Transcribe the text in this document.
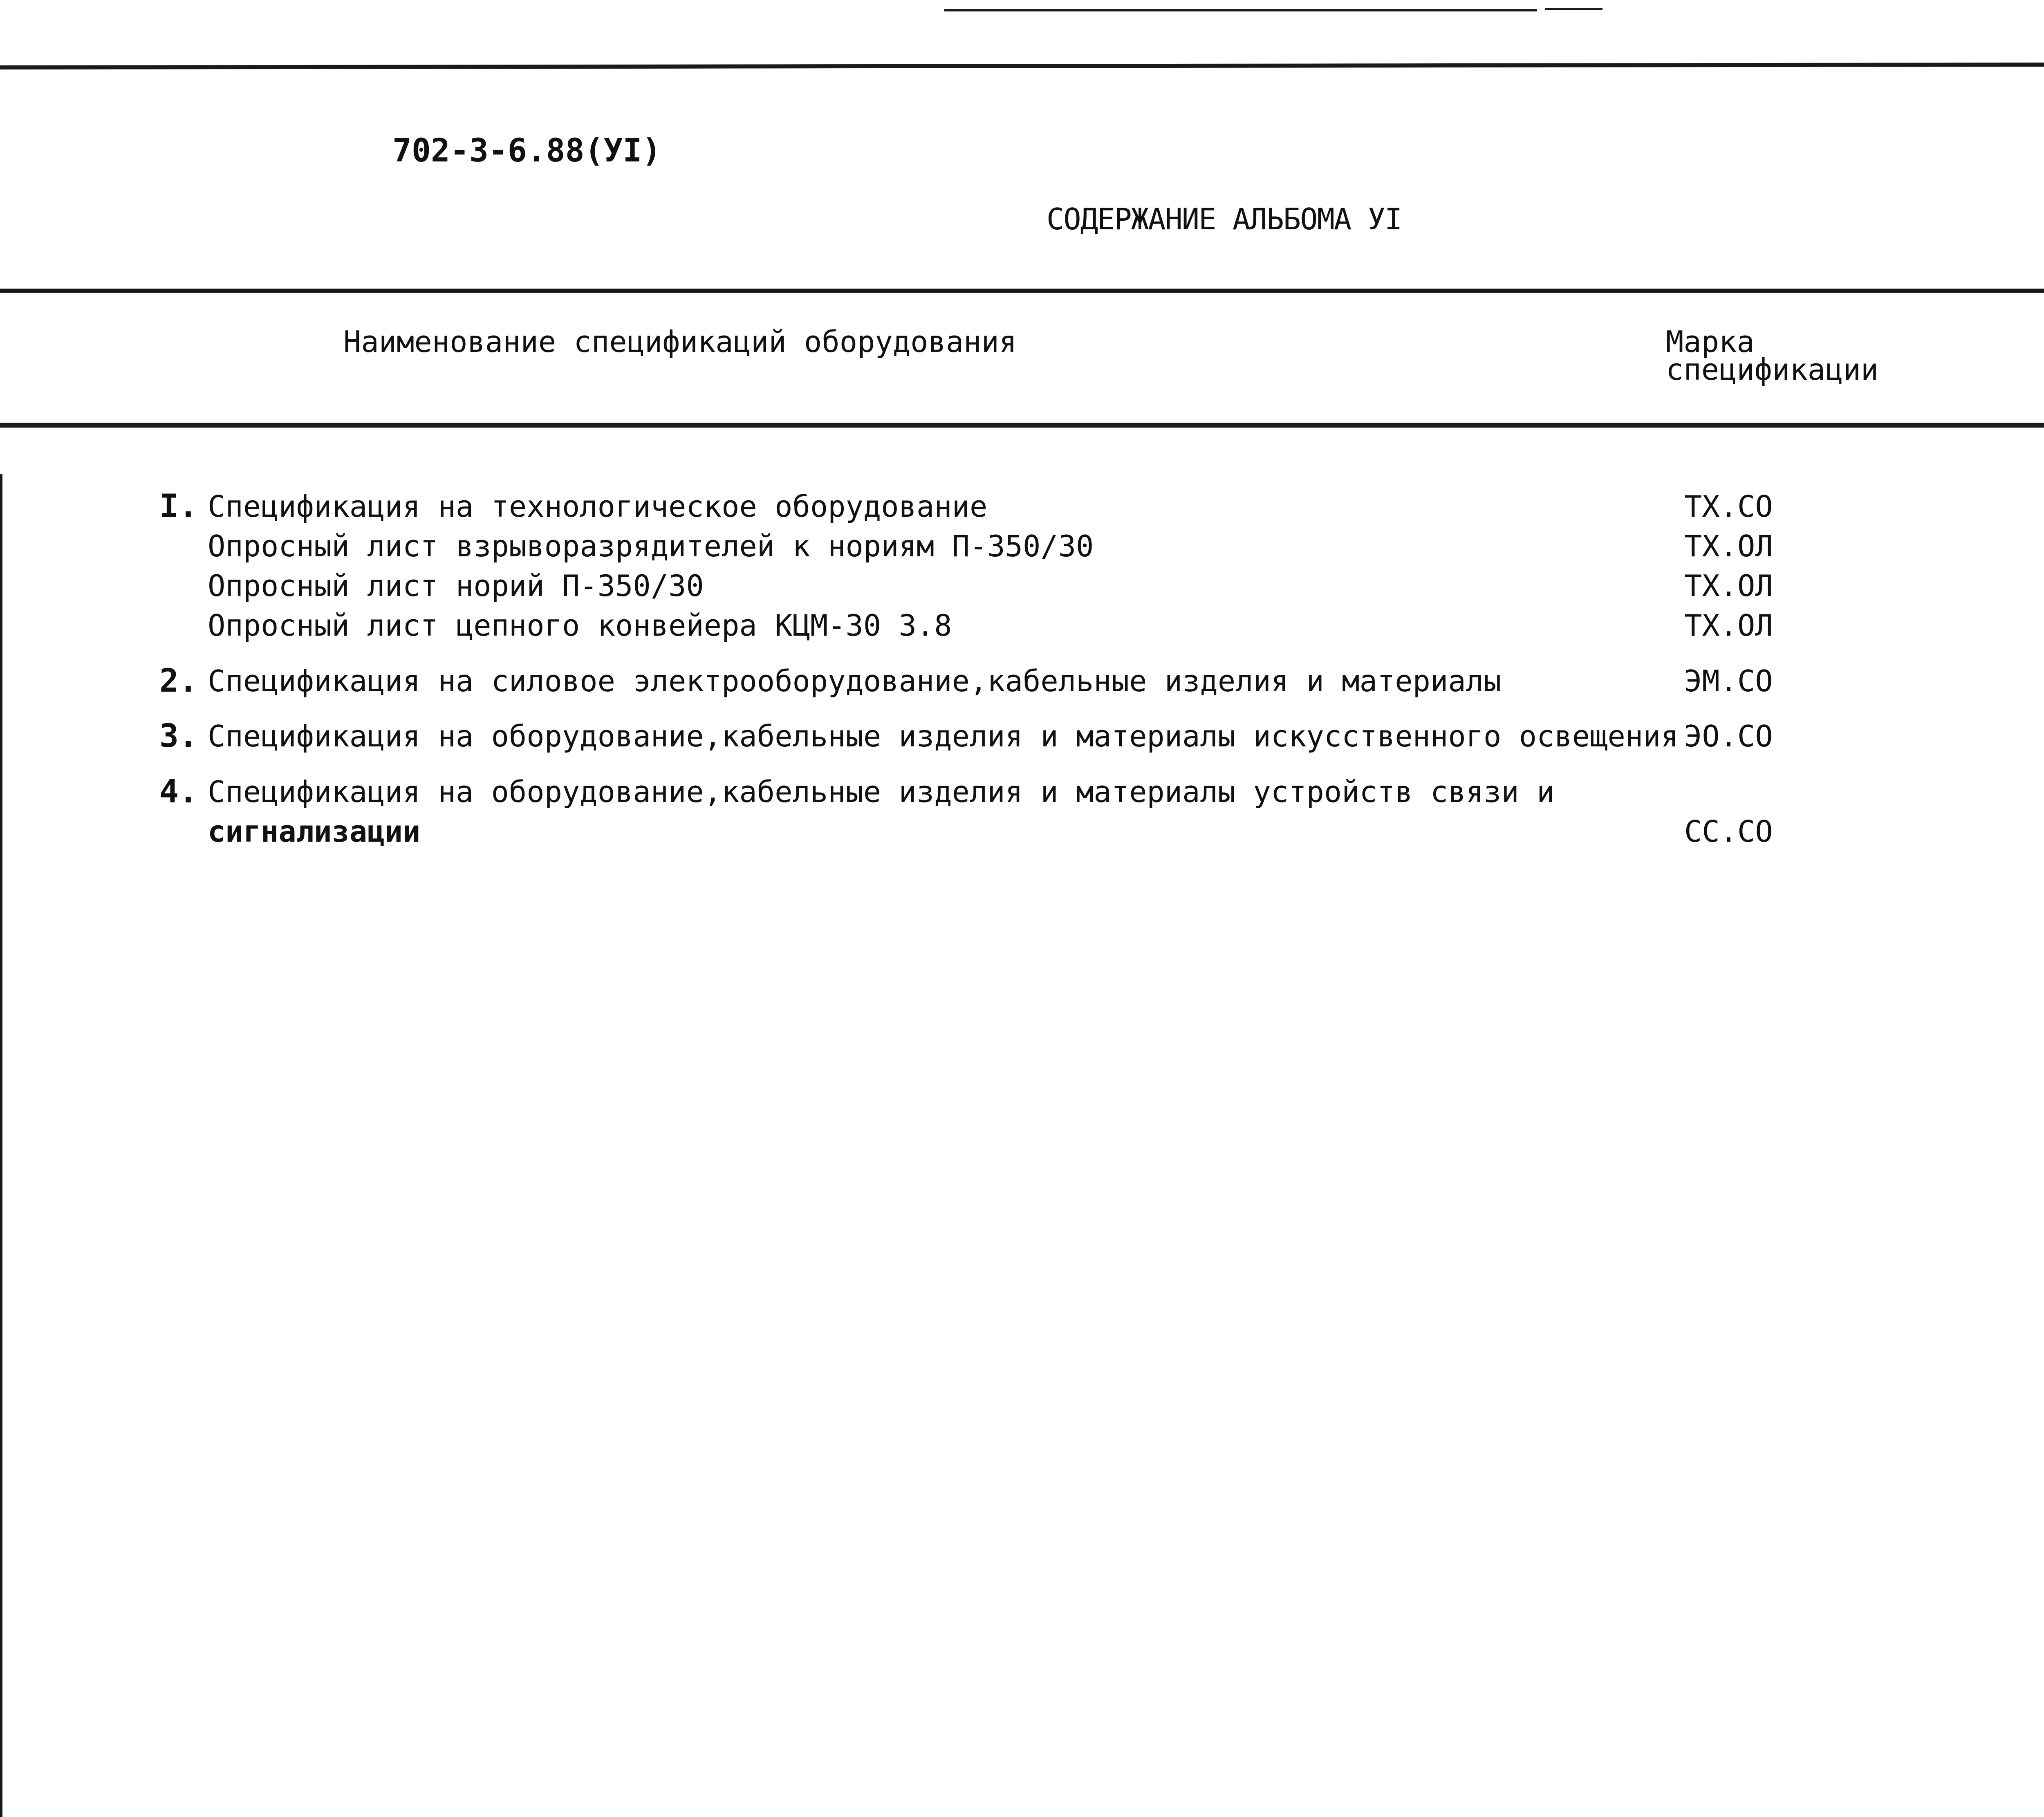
702-3-6.88(УI)
СОДЕРЖАНИЕ АЛЬБОМА УI
Наименование спецификаций оборудования	Марка
спецификации
I. Спецификация на технологическое оборудование	ТХ.СО
Опросный лист взрыворазрядителей к нориям П-350/30	ТХ.ОЛ
Опросный лист норий П-350/30	ТХ.ОЛ
Опросный лист цепного конвейера КЦМ-30 3.8	ТХ.ОЛ
2. Спецификация на силовое электрооборудование,кабельные изделия и материалы	ЭМ.СО
3. Спецификация на оборудование,кабельные изделия и материалы искусственного освещения ЭО.СО
4. Спецификация на оборудование,кабельные изделия и материалы устройств связи и
сигнализации	СС.СО
